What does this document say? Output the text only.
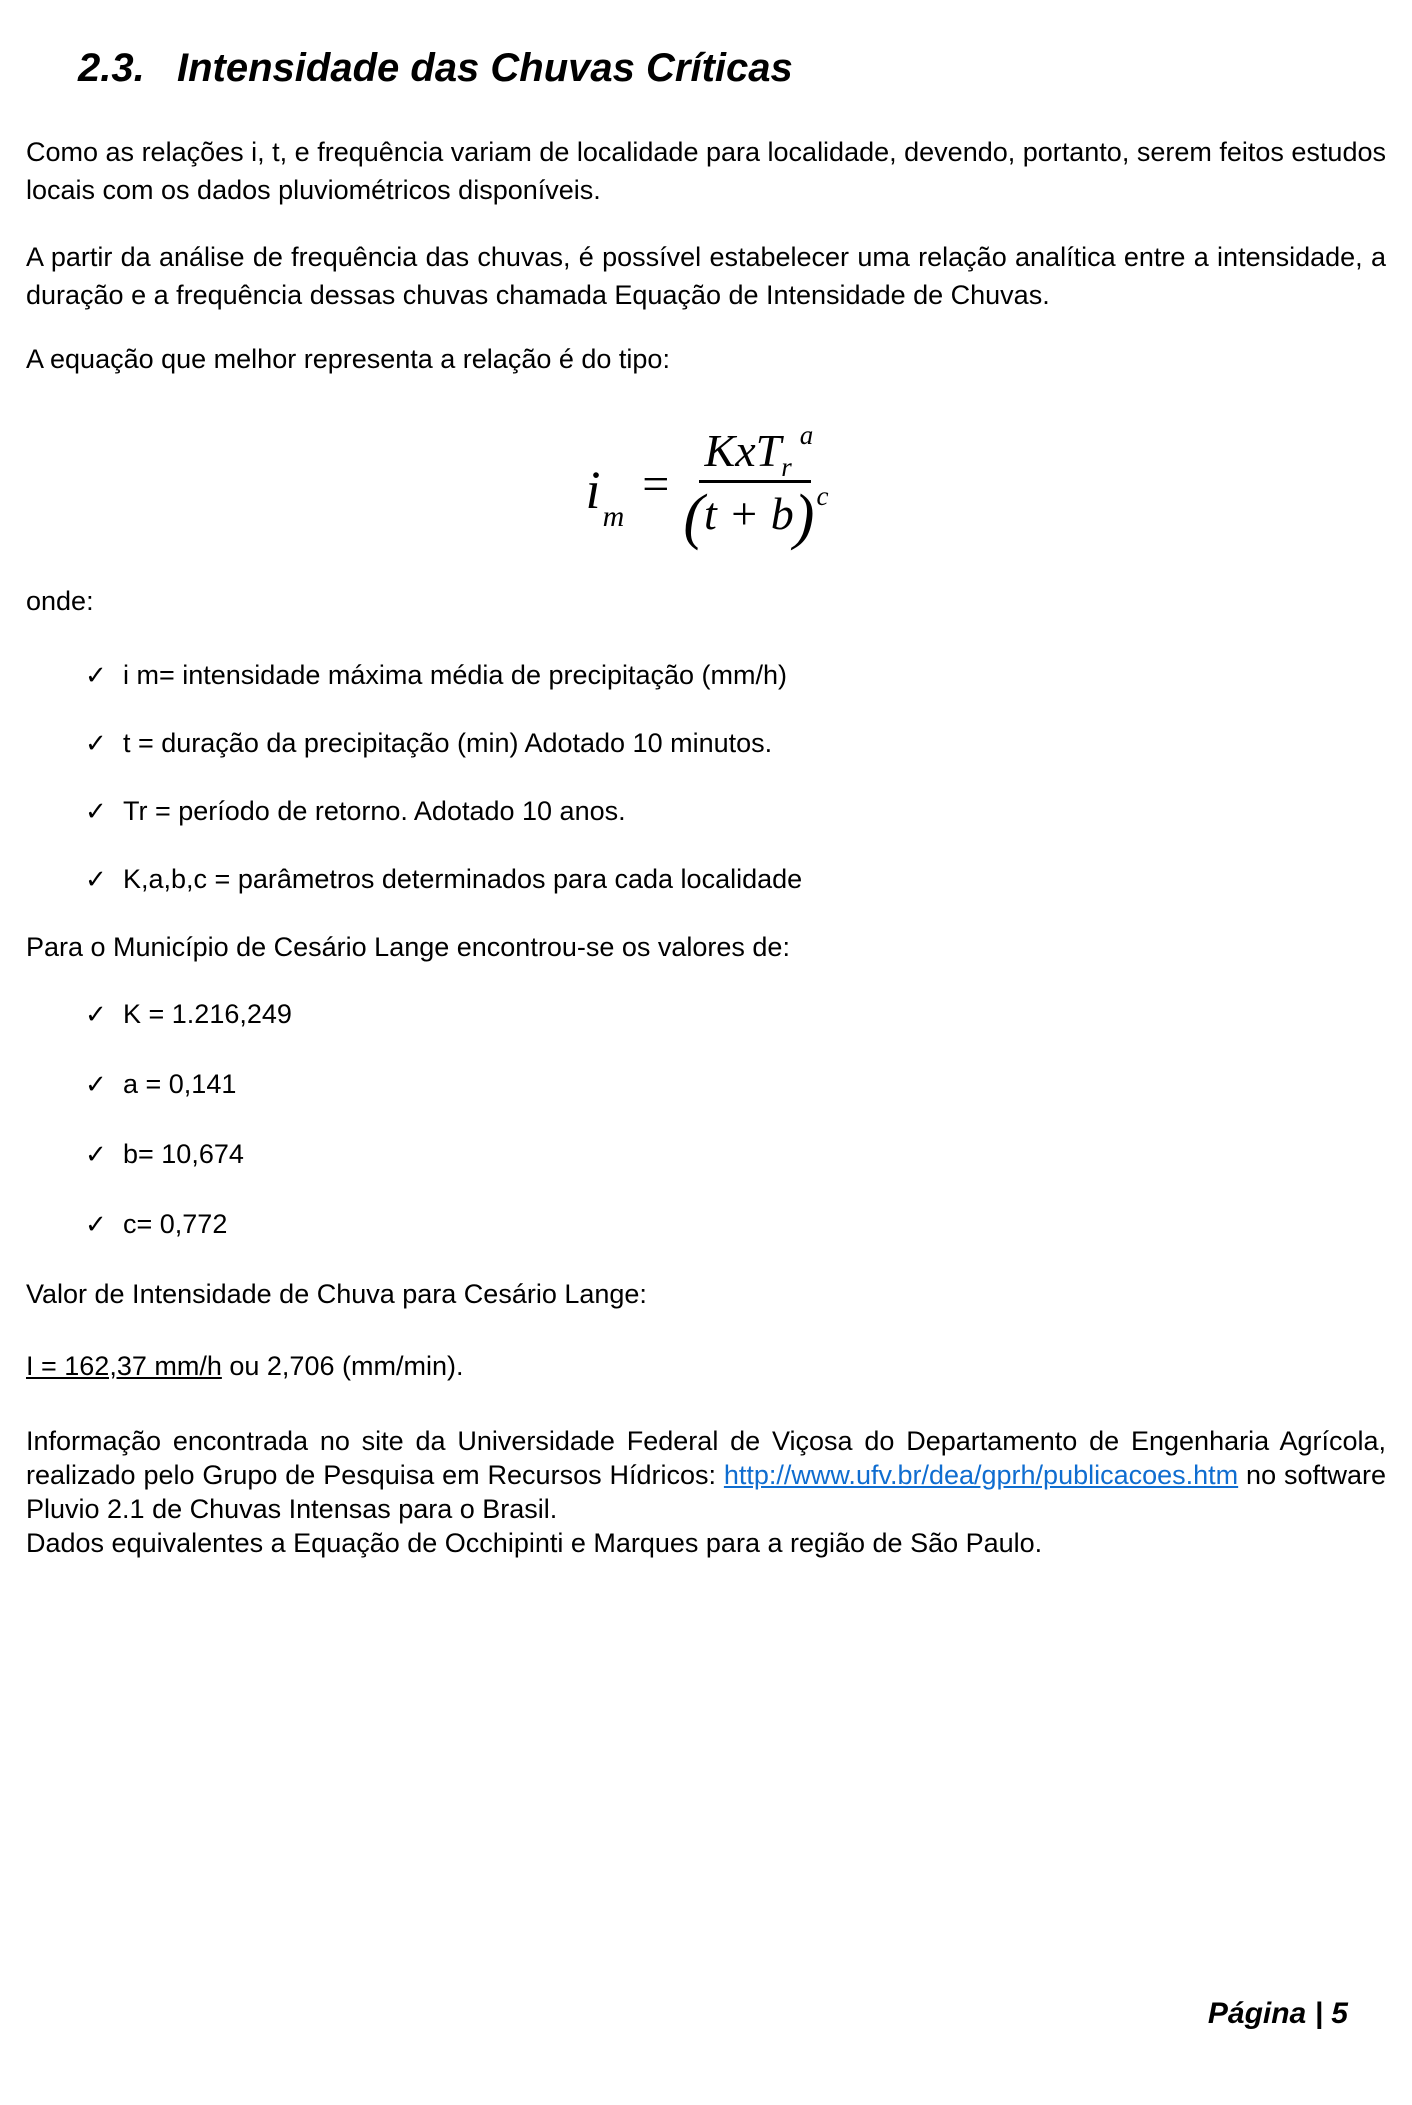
2.3. Intensidade das Chuvas Críticas

Como as relações i, t, e frequência variam de localidade para localidade, devendo, portanto, serem feitos estudos locais com os dados pluviométricos disponíveis.

A partir da análise de frequência das chuvas, é possível estabelecer uma relação analítica entre a intensidade, a duração e a frequência dessas chuvas chamada Equação de Intensidade de Chuvas.

A equação que melhor representa a relação é do tipo:

$i_m$
= $\frac{KxT_r^a}{(t + b)^c}$

onde:

✓ i m= intensidade máxima média de precipitação (mm/h)
✓ t = duração da precipitação (min) Adotado 10 minutos.
✓ Tr = período de retorno. Adotado 10 anos.
✓ K,a,b,c = parâmetros determinados para cada localidade

Para o Município de Cesário Lange encontrou-se os valores de:

✓ K = 1.216,249
✓ a = 0,141
✓ b= 10,674
✓ c= 0,772

Valor de Intensidade de Chuva para Cesário Lange:

I = 162,37 mm/h ou 2,706 (mm/min).

Informação encontrada no site da Universidade Federal de Viçosa do Departamento de Engenharia Agrícola, realizado pelo Grupo de Pesquisa em Recursos Hídricos: http://www.ufv.br/dea/gprh/publicacoes.htm no software Pluvio 2.1 de Chuvas Intensas para o Brasil.

Dados equivalentes a Equação de Occhipinti e Marques para a região de São Paulo.

Página | 5
